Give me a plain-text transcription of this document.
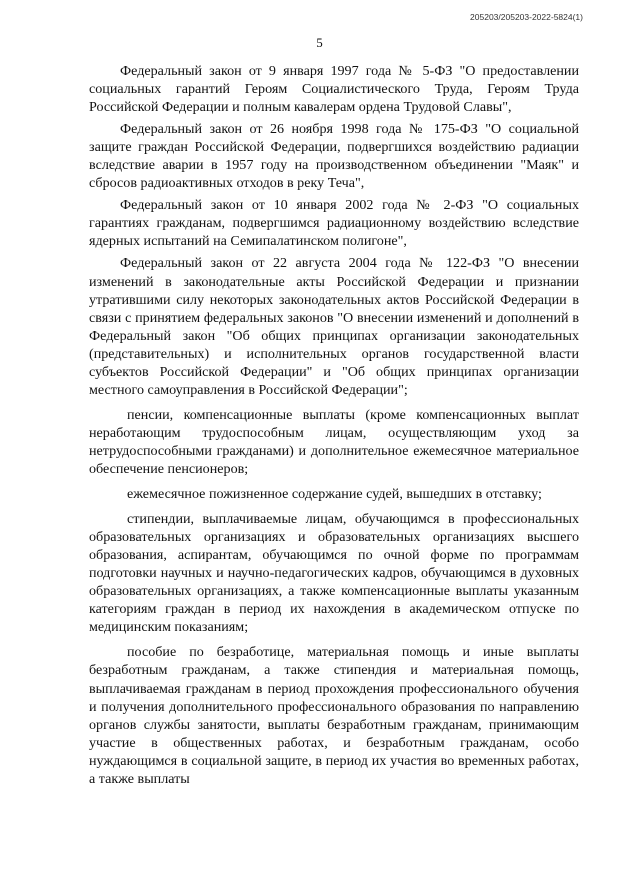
205203/205203-2022-5824(1)
5

Федеральный закон от 9 января 1997 года № 5-ФЗ "О предоставлении социальных гарантий Героям Социалистического Труда, Героям Труда Российской Федерации и полным кавалерам ордена Трудовой Славы",

Федеральный закон от 26 ноября 1998 года № 175-ФЗ "О социальной защите граждан Российской Федерации, подвергшихся воздействию радиации вследствие аварии в 1957 году на производственном объединении "Маяк" и сбросов радиоактивных отходов в реку Теча",

Федеральный закон от 10 января 2002 года № 2-ФЗ "О социальных гарантиях гражданам, подвергшимся радиационному воздействию вследствие ядерных испытаний на Семипалатинском полигоне",

Федеральный закон от 22 августа 2004 года № 122-ФЗ "О внесении изменений в законодательные акты Российской Федерации и признании утратившими силу некоторых законодательных актов Российской Федерации в связи с принятием федеральных законов "О внесении изменений и дополнений в Федеральный закон "Об общих принципах организации законодательных (представительных) и исполнительных органов государственной власти субъектов Российской Федерации" и "Об общих принципах организации местного самоуправления в Российской Федерации";

пенсии, компенсационные выплаты (кроме компенсационных выплат неработающим трудоспособным лицам, осуществляющим уход за нетрудоспособными гражданами) и дополнительное ежемесячное материальное обеспечение пенсионеров;

ежемесячное пожизненное содержание судей, вышедших в отставку;

стипендии, выплачиваемые лицам, обучающимся в профессиональных образовательных организациях и образовательных организациях высшего образования, аспирантам, обучающимся по очной форме по программам подготовки научных и научно-педагогических кадров, обучающимся в духовных образовательных организациях, а также компенсационные выплаты указанным категориям граждан в период их нахождения в академическом отпуске по медицинским показаниям;

пособие по безработице, материальная помощь и иные выплаты безработным гражданам, а также стипендия и материальная помощь, выплачиваемая гражданам в период прохождения профессионального обучения и получения дополнительного профессионального образования по направлению органов службы занятости, выплаты безработным гражданам, принимающим участие в общественных работах, и безработным гражданам, особо нуждающимся в социальной защите, в период их участия во временных работах, а также выплаты
